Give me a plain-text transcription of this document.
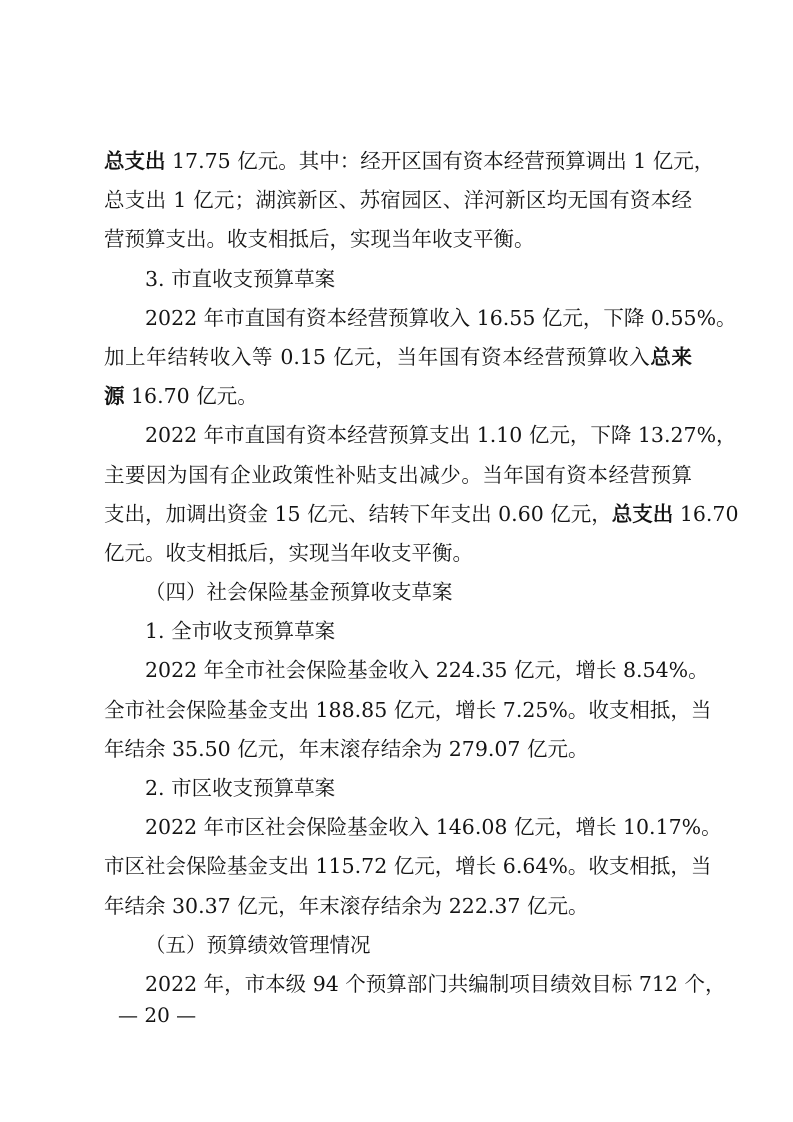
总支出 17.75 亿元。其中：经开区国有资本经营预算调出 1 亿元，
总支出 1 亿元；湖滨新区、苏宿园区、洋河新区均无国有资本经
营预算支出。收支相抵后，实现当年收支平衡。
3. 市直收支预算草案
2022 年市直国有资本经营预算收入 16.55 亿元，下降 0.55%。
加上年结转收入等 0.15 亿元，当年国有资本经营预算收入总来
源 16.70 亿元。
2022 年市直国有资本经营预算支出 1.10 亿元，下降 13.27%，
主要因为国有企业政策性补贴支出减少。当年国有资本经营预算
支出，加调出资金 15 亿元、结转下年支出 0.60 亿元，总支出 16.70
亿元。收支相抵后，实现当年收支平衡。
（四）社会保险基金预算收支草案
1. 全市收支预算草案
2022 年全市社会保险基金收入 224.35 亿元，增长 8.54%。
全市社会保险基金支出 188.85 亿元，增长 7.25%。收支相抵，当
年结余 35.50 亿元，年末滚存结余为 279.07 亿元。
2. 市区收支预算草案
2022 年市区社会保险基金收入 146.08 亿元，增长 10.17%。
市区社会保险基金支出 115.72 亿元，增长 6.64%。收支相抵，当
年结余 30.37 亿元，年末滚存结余为 222.37 亿元。
（五）预算绩效管理情况
2022 年，市本级 94 个预算部门共编制项目绩效目标 712 个，
— 20 —
